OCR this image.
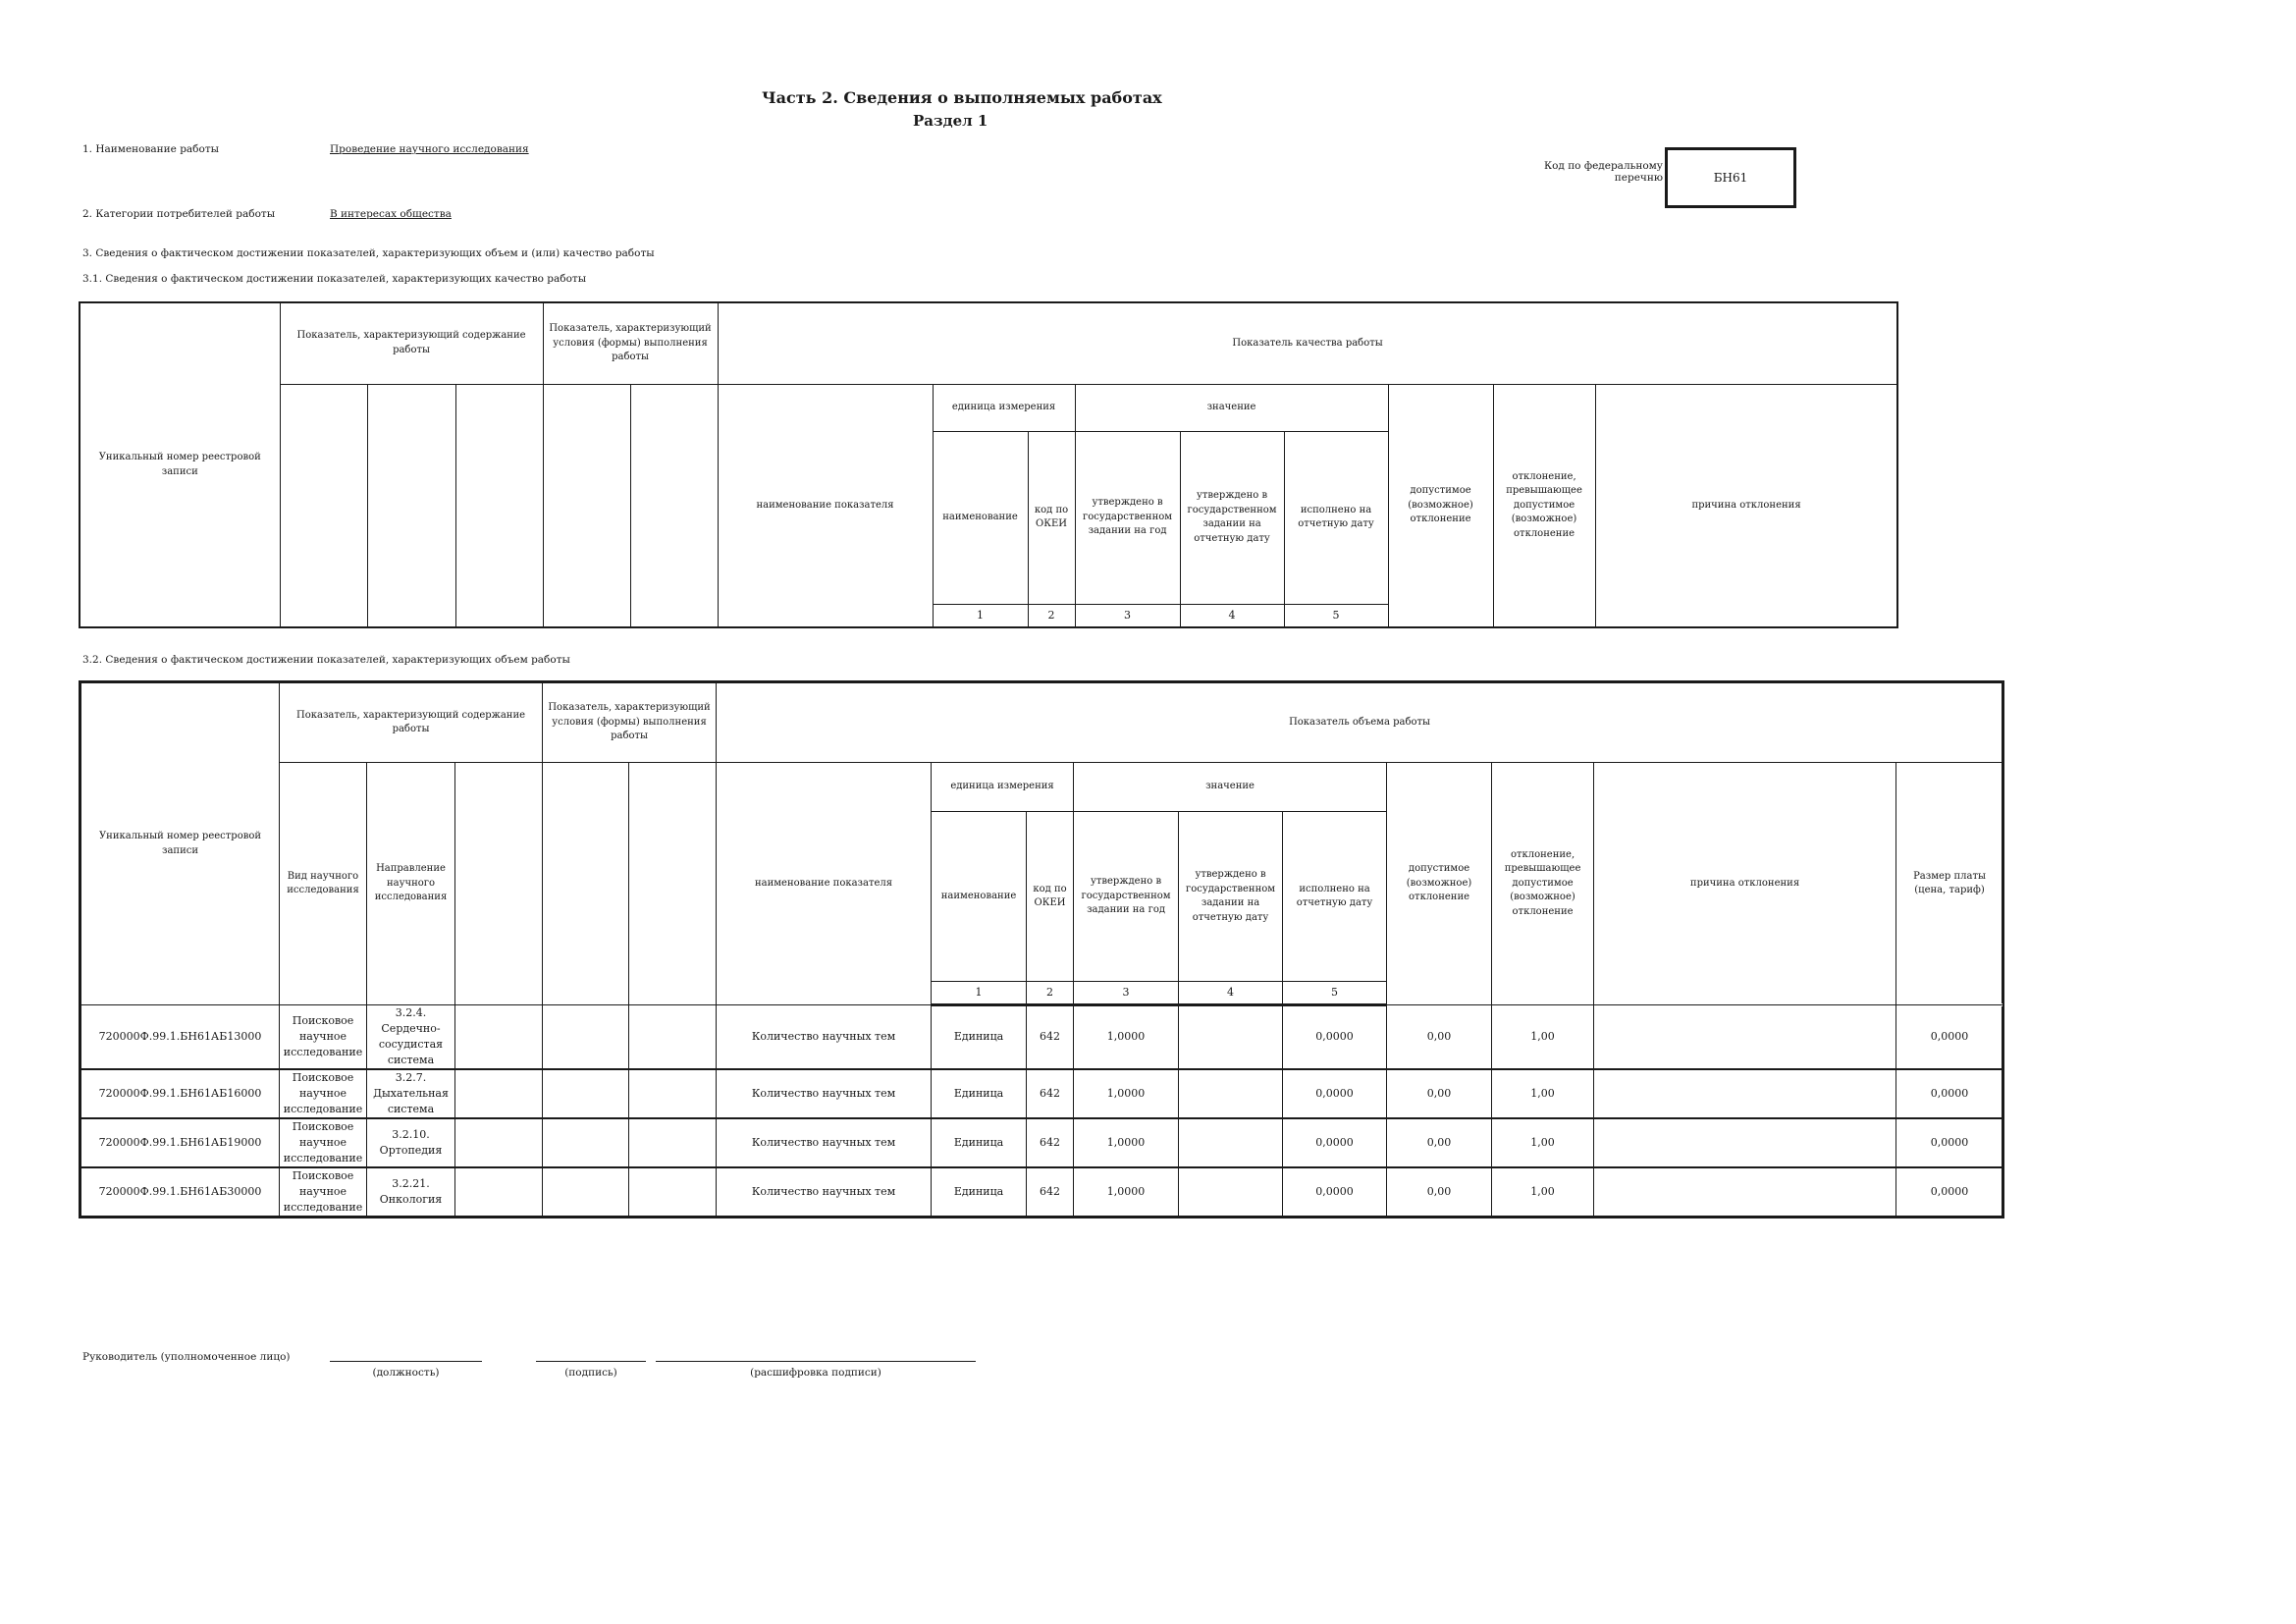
Часть 2. Сведения о выполняемых работах
Раздел 1
1. Наименование работы	Проведение научного исследования
2. Категории потребителей работы	В интересах общества
Код по федеральному
перечню	БН61
3. Сведения о фактическом достижении показателей, характеризующих объем и (или) качество работы
3.1. Сведения о фактическом достижении показателей, характеризующих качество работы
Уникальный номер реестровой записи	Показатель, характеризующий содержание работы			Показатель, характеризующий условия (формы) выполнения работы		Показатель качества работы									
						наименование показателя	единица измерения		значение			допустимое (возможное) отклонение	отклонение, превышающее допустимое (возможное) отклонение	причина отклонения	
							наименование	код по ОКЕИ	утверждено в государственном задании на год	утверждено в государственном задании на отчетную дату	исполнено на отчетную дату				
							1	2	3	4	5										
3.2. Сведения о фактическом достижении показателей, характеризующих объем работы
Уникальный номер реестровой записи	Показатель, характеризующий содержание работы			Показатель, характеризующий условия (формы) выполнения работы		Показатель объема работы										
	Вид научного исследования	Направление научного исследования				наименование показателя	единица измерения		значение			допустимое (возможное) отклонение	отклонение, превышающее допустимое (возможное) отклонение	причина отклонения	Размер платы (цена, тариф)	
							наименование	код по ОКЕИ	утверждено в государственном задании на год	утверждено в государственном задании на отчетную дату	исполнено на отчетную дату					
							1	2	3	4	5											
720000Ф.99.1.БН61АБ13000	Поисковое научное исследование	3.2.4. Сердечно-сосудистая система				Количество научных тем	Единица	642	1,0000		0,0000	0,00	1,00		0,0000	
720000Ф.99.1.БН61АБ16000	Поисковое научное исследование	3.2.7. Дыхательная система				Количество научных тем	Единица	642	1,0000		0,0000	0,00	1,00		0,0000	
720000Ф.99.1.БН61АБ19000	Поисковое научное исследование	3.2.10. Ортопедия				Количество научных тем	Единица	642	1,0000		0,0000	0,00	1,00		0,0000	
720000Ф.99.1.БН61АБ30000	Поисковое научное исследование	3.2.21. Онкология				Количество научных тем	Единица	642	1,0000		0,0000	0,00	1,00		0,0000	
Руководитель (уполномоченное лицо)
(должность)	(подпись)	(расшифровка подписи)
